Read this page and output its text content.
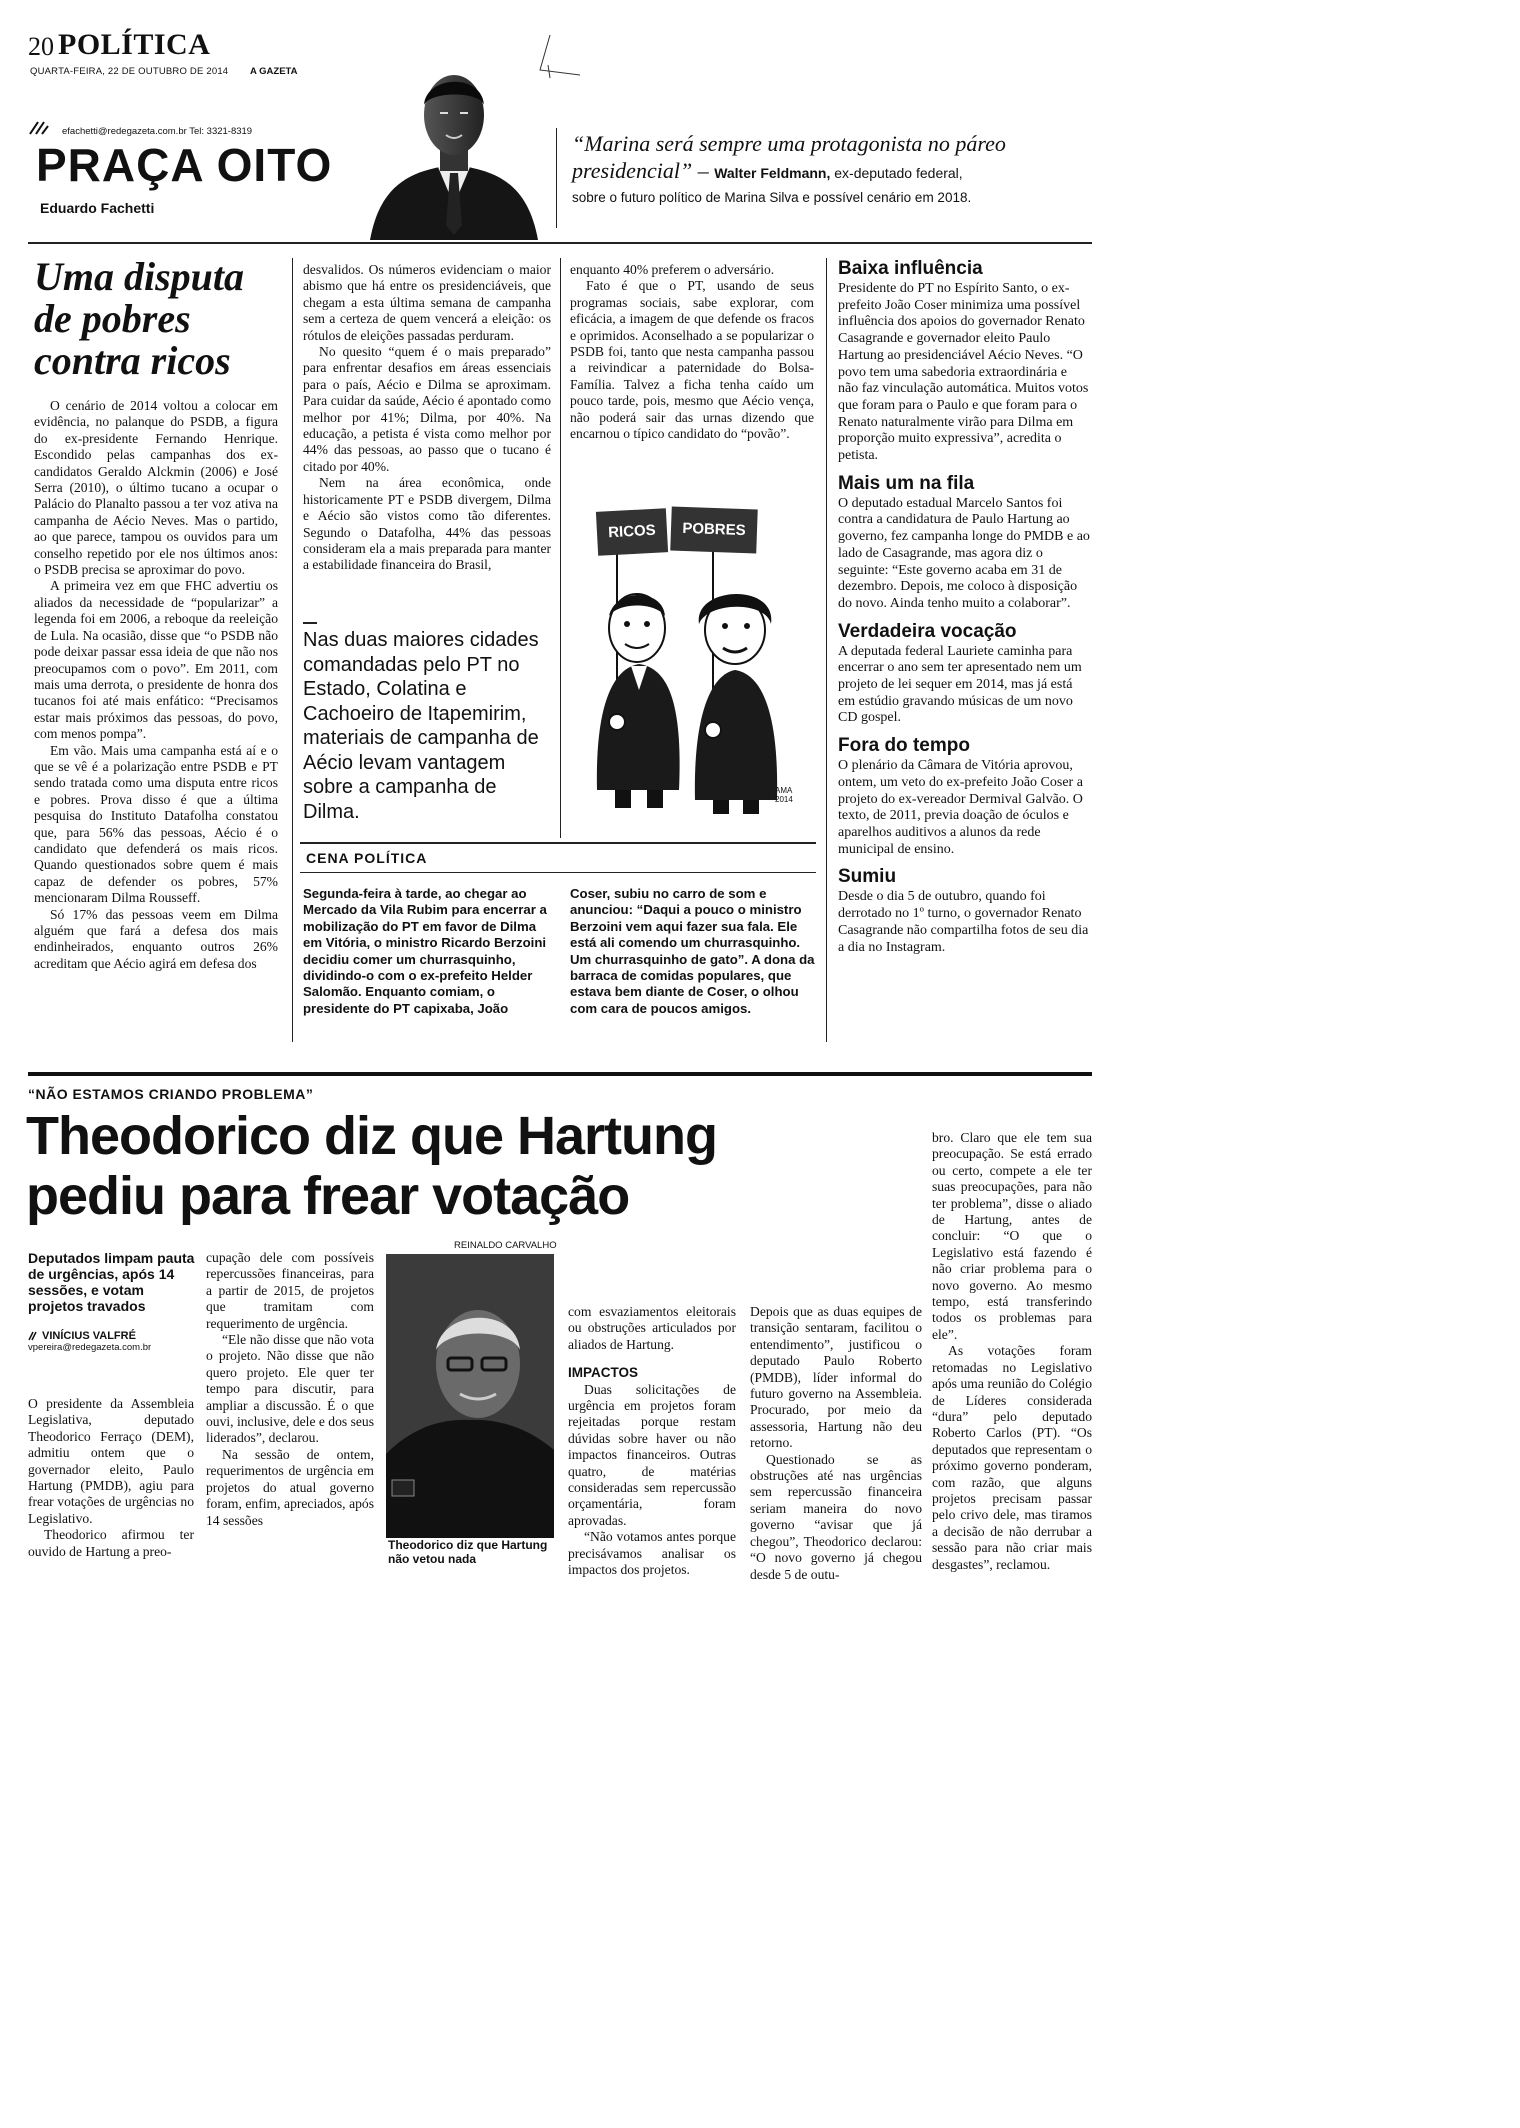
20 POLÍTICA
QUARTA-FEIRA, 22 DE OUTUBRO DE 2014 A GAZETA
efachetti@redegazeta.com.br Tel: 3321-8319
PRAÇA OITO
Eduardo Fachetti
“Marina será sempre uma protagonista no páreo presidencial” – Walter Feldmann, ex-deputado federal,
sobre o futuro político de Marina Silva e possível cenário em 2018.
Uma disputa de pobres contra ricos

O cenário de 2014 voltou a colocar em evidência, no palanque do PSDB, a figura do ex-presidente Fernando Henrique. Escondido pelas campanhas dos ex-candidatos Geraldo Alckmin (2006) e José Serra (2010), o último tucano a ocupar o Palácio do Planalto passou a ter voz ativa na campanha de Aécio Neves. Mas o partido, ao que parece, tampou os ouvidos para um conselho repetido por ele nos últimos anos: o PSDB precisa se aproximar do povo.

A primeira vez em que FHC advertiu os aliados da necessidade de “popularizar” a legenda foi em 2006, a reboque da reeleição de Lula. Na ocasião, disse que “o PSDB não pode deixar passar essa ideia de que não nos preocupamos com o povo”. Em 2011, com mais uma derrota, o presidente de honra dos tucanos foi até mais enfático: “Precisamos estar mais próximos das pessoas, do povo, com menos pompa”.

Em vão. Mais uma campanha está aí e o que se vê é a polarização entre PSDB e PT sendo tratada como uma disputa entre ricos e pobres. Prova disso é que a última pesquisa do Instituto Datafolha constatou que, para 56% das pessoas, Aécio é o candidato que defenderá os mais ricos. Quando questionados sobre quem é mais capaz de defender os pobres, 57% mencionaram Dilma Rousseff.

Só 17% das pessoas veem em Dilma alguém que fará a defesa dos mais endinheirados, enquanto outros 26% acreditam que Aécio agirá em defesa dos

desvalidos. Os números evidenciam o maior abismo que há entre os presidenciáveis, que chegam a esta última semana de campanha sem a certeza de quem vencerá a eleição: os rótulos de eleições passadas perduram.

No quesito “quem é o mais preparado” para enfrentar desafios em áreas essenciais para o país, Aécio e Dilma se aproximam. Para cuidar da saúde, Aécio é apontado como melhor por 41%; Dilma, por 40%. Na educação, a petista é vista como melhor por 44% das pessoas, ao passo que o tucano é citado por 40%.

Nem na área econômica, onde historicamente PT e PSDB divergem, Dilma e Aécio são vistos como tão diferentes. Segundo o Datafolha, 44% das pessoas consideram ela a mais preparada para manter a estabilidade financeira do Brasil,

Nas duas maiores cidades comandadas pelo PT no Estado, Colatina e Cachoeiro de Itapemirim, materiais de campanha de Aécio levam vantagem sobre a campanha de Dilma.

enquanto 40% preferem o adversário.

Fato é que o PT, usando de seus programas sociais, sabe explorar, com eficácia, a imagem de que defende os fracos e oprimidos. Aconselhado a se popularizar o PSDB foi, tanto que nesta campanha passou a reivindicar a paternidade do Bolsa-Família. Talvez a ficha tenha caído um pouco tarde, pois, mesmo que Aécio vença, não poderá sair das urnas dizendo que encarnou o típico candidato do “povão”.

RICOS	POBRES
AMA 2014
CENA POLÍTICA

Segunda-feira à tarde, ao chegar ao Mercado da Vila Rubim para encerrar a mobilização do PT em favor de Dilma em Vitória, o ministro Ricardo Berzoini decidiu comer um churrasquinho, dividindo-o com o ex-prefeito Helder Salomão. Enquanto comiam, o presidente do PT capixaba, João

Coser, subiu no carro de som e anunciou: “Daqui a pouco o ministro Berzoini vem aqui fazer sua fala. Ele está ali comendo um churrasquinho. Um churrasquinho de gato”. A dona da barraca de comidas populares, que estava bem diante de Coser, o olhou com cara de poucos amigos.

Baixa influência

Presidente do PT no Espírito Santo, o ex-prefeito João Coser minimiza uma possível influência dos apoios do governador Renato Casagrande e governador eleito Paulo Hartung ao presidenciável Aécio Neves. “O povo tem uma sabedoria extraordinária e não faz vinculação automática. Muitos votos que foram para o Paulo e que foram para o Renato naturalmente virão para Dilma em proporção muito expressiva”, acredita o petista.

Mais um na fila

O deputado estadual Marcelo Santos foi contra a candidatura de Paulo Hartung ao governo, fez campanha longe do PMDB e ao lado de Casagrande, mas agora diz o seguinte: “Este governo acaba em 31 de dezembro. Depois, me coloco à disposição do novo. Ainda tenho muito a colaborar”.

Verdadeira vocação

A deputada federal Lauriete caminha para encerrar o ano sem ter apresentado nem um projeto de lei sequer em 2014, mas já está em estúdio gravando músicas de um novo CD gospel.

Fora do tempo

O plenário da Câmara de Vitória aprovou, ontem, um veto do ex-prefeito João Coser a projeto do ex-vereador Dermival Galvão. O texto, de 2011, previa doação de óculos e aparelhos auditivos a alunos da rede municipal de ensino.

Sumiu

Desde o dia 5 de outubro, quando foi derrotado no 1º turno, o governador Renato Casagrande não compartilha fotos de seu dia a dia no Instagram.

“NÃO ESTAMOS CRIANDO PROBLEMA”
Theodorico diz que Hartung
pediu para frear votação
Deputados limpam pauta de urgências, após 14 sessões, e votam projetos travados
VINÍCIUS VALFRÉ
vpereira@redegazeta.com.br

O presidente da Assembleia Legislativa, deputado Theodorico Ferraço (DEM), admitiu ontem que o governador eleito, Paulo Hartung (PMDB), agiu para frear votações de urgências no Legislativo.

Theodorico afirmou ter ouvido de Hartung a preo-

cupação dele com possíveis repercussões financeiras, para a partir de 2015, de projetos que tramitam com requerimento de urgência.

“Ele não disse que não vota o projeto. Não disse que não quero projeto. Ele quer ter tempo para discutir, para ampliar a discussão. É o que ouvi, inclusive, dele e dos seus liderados”, declarou.

Na sessão de ontem, requerimentos de urgência em projetos do atual governo foram, enfim, apreciados, após 14 sessões

REINALDO CARVALHO
Theodorico diz que Hartung não vetou nada

com esvaziamentos eleitorais ou obstruções articulados por aliados de Hartung.

IMPACTOS

Duas solicitações de urgência em projetos foram rejeitadas porque restam dúvidas sobre haver ou não impactos financeiros. Outras quatro, de matérias consideradas sem repercussão orçamentária, foram aprovadas.

“Não votamos antes porque precisávamos analisar os impactos dos projetos.

Depois que as duas equipes de transição sentaram, facilitou o entendimento”, justificou o deputado Paulo Roberto (PMDB), líder informal do futuro governo na Assembleia. Procurado, por meio da assessoria, Hartung não deu retorno.

Questionado se as obstruções até nas urgências sem repercussão financeira seriam maneira do novo governo “avisar que já chegou”, Theodorico declarou: “O novo governo já chegou desde 5 de outu-

bro. Claro que ele tem sua preocupação. Se está errado ou certo, compete a ele ter suas preocupações, para não ter problema”, disse o aliado de Hartung, antes de concluir: “O que o Legislativo está fazendo é não criar problema para o novo governo. Ao mesmo tempo, está transferindo todos os problemas para ele”.

As votações foram retomadas no Legislativo após uma reunião do Colégio de Líderes considerada “dura” pelo deputado Roberto Carlos (PT). “Os deputados que representam o próximo governo ponderam, com razão, que alguns projetos precisam passar pelo crivo dele, mas tiramos a decisão de não derrubar a sessão para não criar mais desgastes”, reclamou.
